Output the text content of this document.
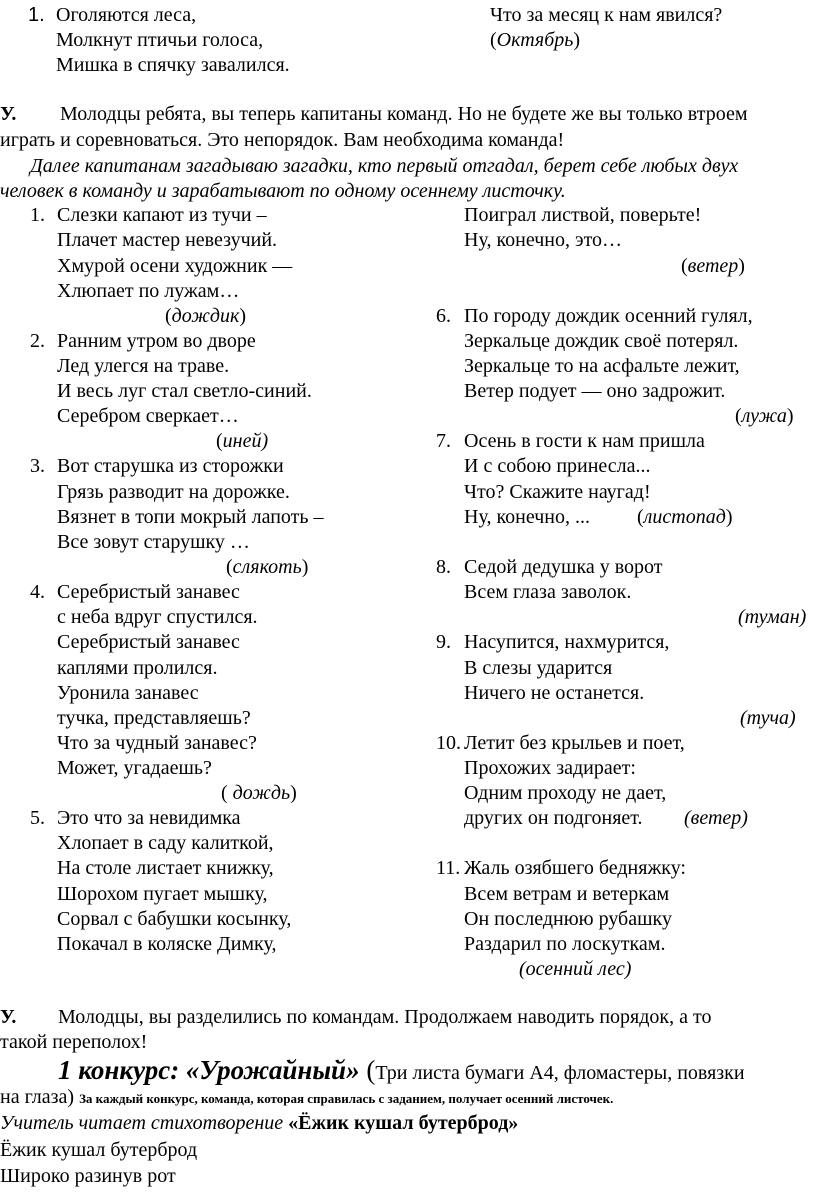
1. Оголяются леса,
Молкнут птичьи голоса,
Мишка в спячку завалился.
Что за месяц к нам явился?
(Октябрь)
У. Молодцы ребята, вы теперь капитаны команд. Но не будете же вы только втроем
играть и соревноваться. Это непорядок. Вам необходима команда!
Далее капитанам загадываю загадки, кто первый отгадал, берет себе любых двух
человек в команду и зарабатывают по одному осеннему листочку.
1. Слезки капают из тучи –
Плачет мастер невезучий.
Хмурой осени художник —
Хлюпает по лужам…
(дождик)
2. Ранним утром во дворе
Лед улегся на траве.
И весь луг стал светло-синий.
Серебром сверкает…
(иней)
3. Вот старушка из сторожки
Грязь разводит на дорожке.
Вязнет в топи мокрый лапоть –
Все зовут старушку …
(слякоть)
4. Серебристый занавес
с неба вдруг спустился.
Серебристый занавес
каплями пролился.
Уронила занавес
тучка, представляешь?
Что за чудный занавес?
Может, угадаешь?
( дождь)
5. Это что за невидимка
Хлопает в саду калиткой,
На столе листает книжку,
Шорохом пугает мышку,
Сорвал с бабушки косынку,
Покачал в коляске Димку,
Поиграл листвой, поверьте!
Ну, конечно, это…
(ветер)
6. По городу дождик осенний гулял,
Зеркальце дождик своё потерял.
Зеркальце то на асфальте лежит,
Ветер подует — оно задрожит.
(лужа)
7. Осень в гости к нам пришла
И с собою принесла...
Что? Скажите наугад!
Ну, конечно, ... (листопад)
8. Седой дедушка у ворот
Всем глаза заволок.
(туман)
9. Насупится, нахмурится,
В слезы ударится
Ничего не останется.
(туча)
10. Летит без крыльев и поет,
Прохожих задирает:
Одним проходу не дает,
других он подгоняет. (ветер)
11. Жаль озябшего бедняжку:
Всем ветрам и ветеркам
Он последнюю рубашку
Раздарил по лоскуткам.
(осенний лес)
У. Молодцы, вы разделились по командам. Продолжаем наводить порядок, а то
такой переполох!
1 конкурс: «Урожайный» (Три листа бумаги А4, фломастеры, повязки
на глаза) За каждый конкурс, команда, которая справилась с заданием, получает осенний листочек.
Учитель читает стихотворение «Ёжик кушал бутерброд»
Ёжик кушал бутерброд
Широко разинув рот
